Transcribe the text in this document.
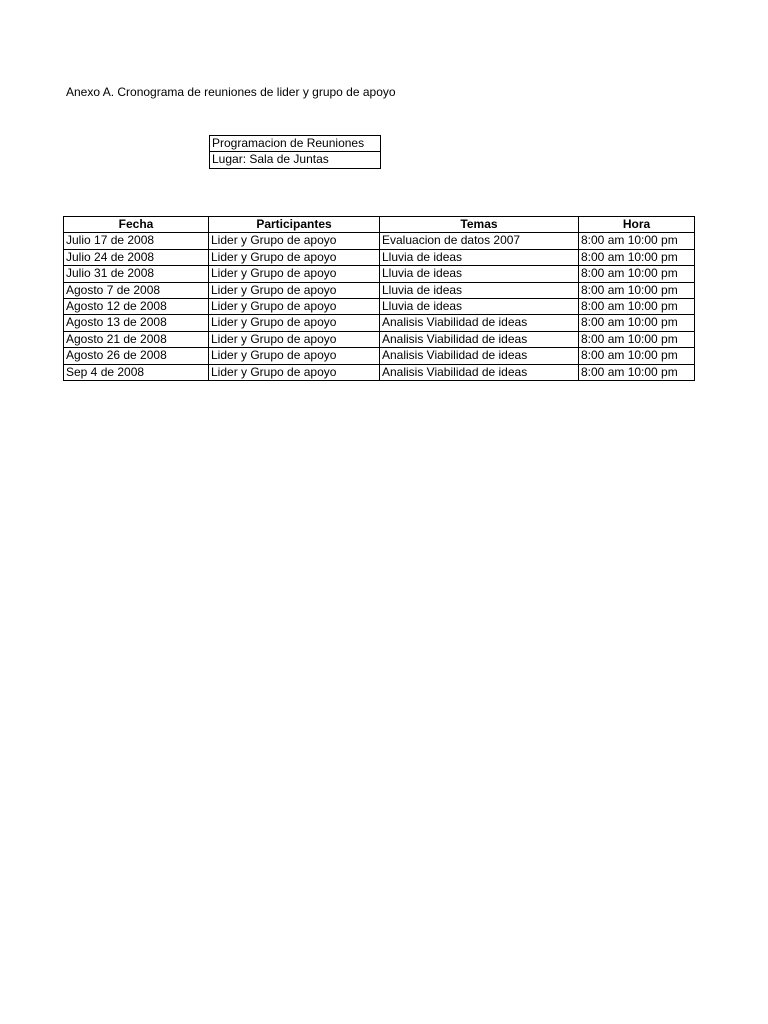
Anexo A. Cronograma de reuniones de lider y grupo de apoyo
Programacion de Reuniones
Lugar: Sala de Juntas
Fecha	Participantes	Temas	Hora
Julio 17 de 2008	Lider y Grupo de apoyo	Evaluacion de datos 2007	8:00 am 10:00 pm
Julio 24 de 2008	Lider y Grupo de apoyo	Lluvia de ideas	8:00 am 10:00 pm
Julio 31 de 2008	Lider y Grupo de apoyo	Lluvia de ideas	8:00 am 10:00 pm
Agosto 7 de 2008	Lider y Grupo de apoyo	Lluvia de ideas	8:00 am 10:00 pm
Agosto 12 de 2008	Lider y Grupo de apoyo	Lluvia de ideas	8:00 am 10:00 pm
Agosto 13 de 2008	Lider y Grupo de apoyo	Analisis Viabilidad de ideas	8:00 am 10:00 pm
Agosto 21 de 2008	Lider y Grupo de apoyo	Analisis Viabilidad de ideas	8:00 am 10:00 pm
Agosto 26 de 2008	Lider y Grupo de apoyo	Analisis Viabilidad de ideas	8:00 am 10:00 pm
Sep 4 de 2008	Lider y Grupo de apoyo	Analisis Viabilidad de ideas	8:00 am 10:00 pm
